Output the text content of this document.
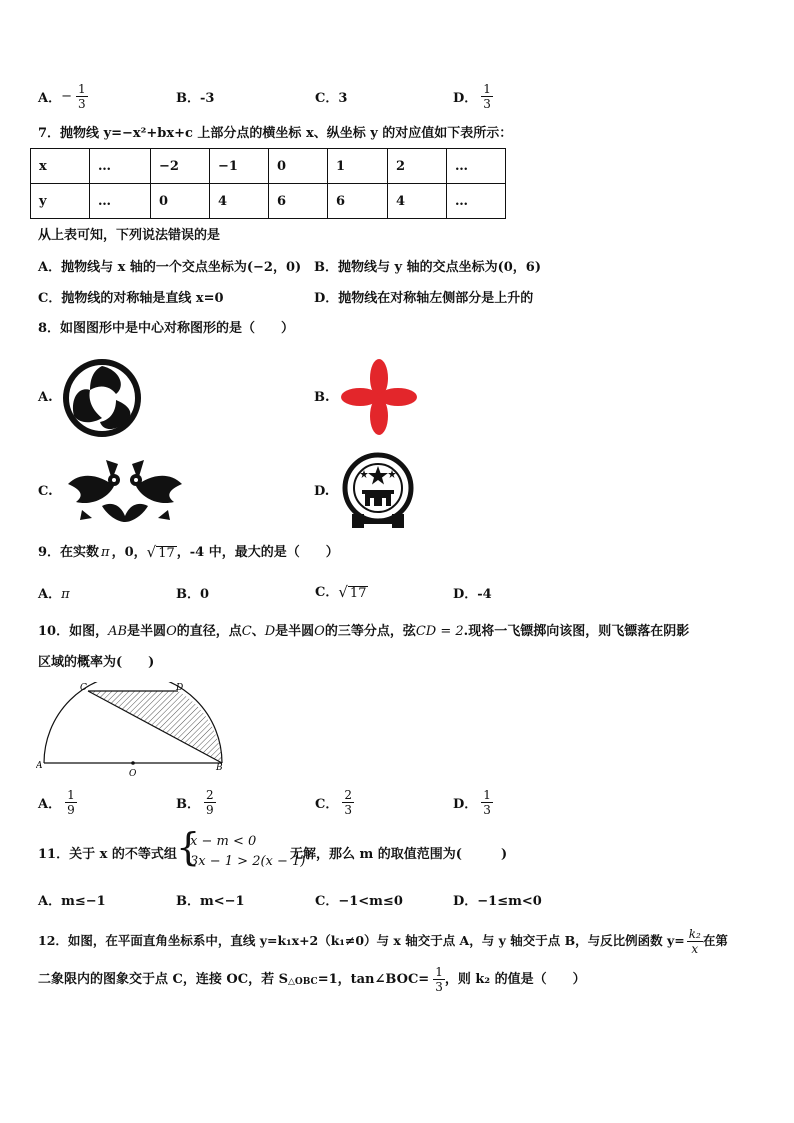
A． − $\frac{1}{3}$	B．-3	C．3	D． $\frac{1}{3}$
7．抛物线 y=−x²+bx+c 上部分点的横坐标 x、纵坐标 y 的对应值如下表所示：
x	…	−2	−1	0	1	2	…
y	…	0	4	6	6	4	…
从上表可知，下列说法错误的是
A．抛物线与 x 轴的一个交点坐标为(−2，0) B．抛物线与 y 轴的交点坐标为(0，6)
C．抛物线的对称轴是直线 x=0	D．抛物线在对称轴左侧部分是上升的
8．如图图形中是中心对称图形的是（　　）
A.	B.
C.	D.
9．在实数 π ，0， √ 17 ，-4 中，最大的是（　　）
A．π	B．0	C． √ 17	D．-4
10．如图，AB是半圆O的直径，点C、D是半圆O的三等分点，弦CD = 2.现将一飞镖掷向该图，则飞镖落在阴影
区域的概率为(　　)
A	B
C	D
O
A． $\frac{1}{9}$	B． $\frac{2}{9}$	C． $\frac{2}{3}$	D． $\frac{1}{3}$
11．关于 x 的不等式组 {
x − m < 0
3x − 1 > 2(x − 1)
无解，那么 m 的取值范围为(　　　)
A．m≤−1	B．m<−1	C．−1<m≤0	D．−1≤m<0
12．如图，在平面直角坐标系中，直线 y=k₁x+2（k₁≠0）与 x 轴交于点 A，与 y 轴交于点 B，与反比例函数 $y= \frac{\text{k₂}}{x}$ 在第
二象限内的图象交于点 C，连接 OC，若 S △OBC =1，tan∠BOC= $\frac{1}{3}$ ，则 k₂ 的值是（　　）
